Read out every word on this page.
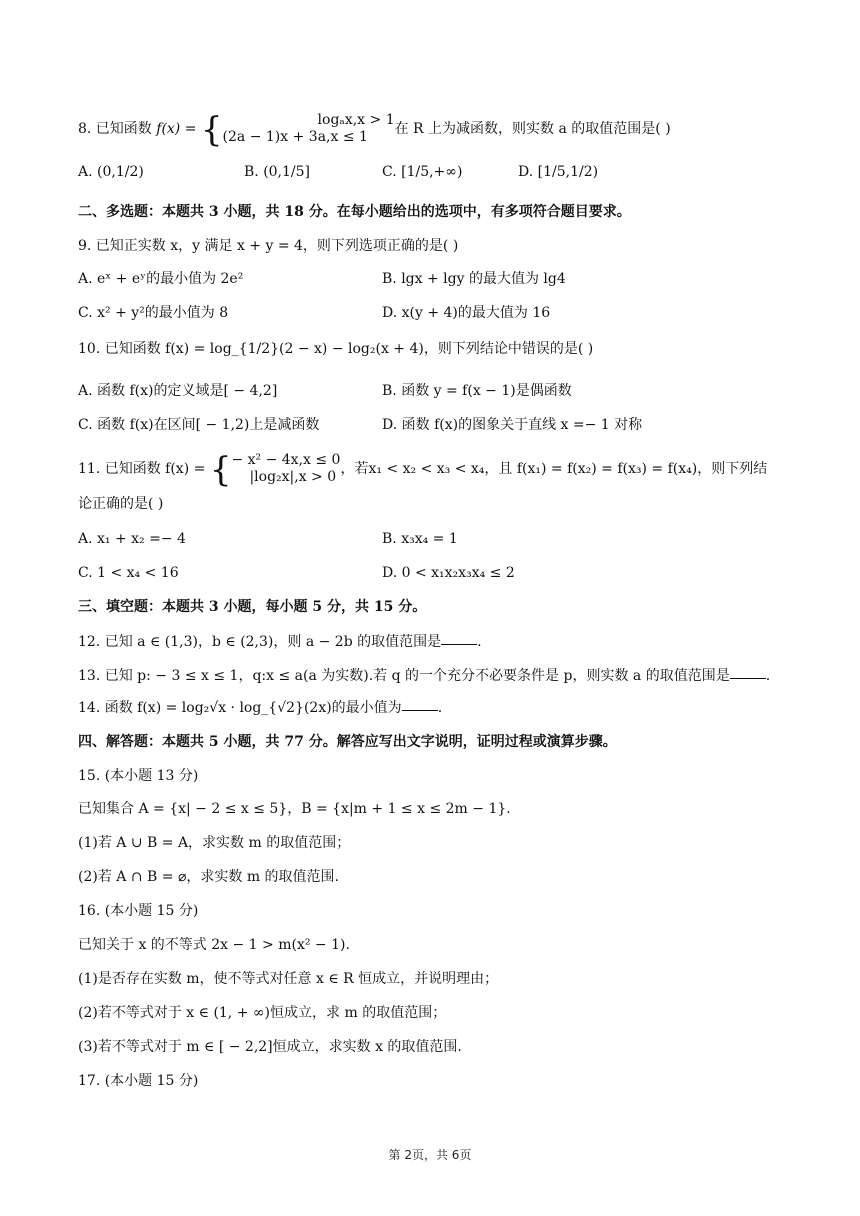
8. 已知函数 f(x) = {	logₐx,x > 1
(2a − 1)x + 3a,x ≤ 1	在 R 上为减函数，则实数 a 的取值范围是( )
A. (0,1/2)	B. (0,1/5]	C. [1/5,+∞)	D. [1/5,1/2)
二、多选题：本题共 3 小题，共 18 分。在每小题给出的选项中，有多项符合题目要求。
9. 已知正实数 x，y 满足 x + y = 4，则下列选项正确的是( )
A. eˣ + eʸ的最小值为 2e²	B. lgx + lgy 的最大值为 lg4
C. x² + y²的最小值为 8	D. x(y + 4)的最大值为 16
10. 已知函数 f(x) = log_{1/2}(2 − x) − log₂(x + 4)，则下列结论中错误的是( )
A. 函数 f(x)的定义域是[ − 4,2]	B. 函数 y = f(x − 1)是偶函数
C. 函数 f(x)在区间[ − 1,2)上是减函数	D. 函数 f(x)的图象关于直线 x =− 1 对称
11. 已知函数 f(x) = { − x² − 4x,x ≤ 0
|log₂x|,x > 0 ，若x₁ < x₂ < x₃ < x₄，且 f(x₁) = f(x₂) = f(x₃) = f(x₄)，则下列结
论正确的是( )
A. x₁ + x₂ =− 4	B. x₃x₄ = 1
C. 1 < x₄ < 16	D. 0 < x₁x₂x₃x₄ ≤ 2
三、填空题：本题共 3 小题，每小题 5 分，共 15 分。
12. 已知 a ∈ (1,3)，b ∈ (2,3)，则 a − 2b 的取值范围是	.
13. 已知 p: − 3 ≤ x ≤ 1，q:x ≤ a(a 为实数).若 q 的一个充分不必要条件是 p，则实数 a 的取值范围是	.
14. 函数 f(x) = log₂√x · log_{√2}(2x)的最小值为	.
四、解答题：本题共 5 小题，共 77 分。解答应写出文字说明，证明过程或演算步骤。
15. (本小题 13 分)
已知集合 A = {x| − 2 ≤ x ≤ 5}，B = {x|m + 1 ≤ x ≤ 2m − 1}.
(1)若 A ∪ B = A，求实数 m 的取值范围；
(2)若 A ∩ B = ⌀，求实数 m 的取值范围.
16. (本小题 15 分)
已知关于 x 的不等式 2x − 1 > m(x² − 1).
(1)是否存在实数 m，使不等式对任意 x ∈ R 恒成立，并说明理由；
(2)若不等式对于 x ∈ (1, + ∞)恒成立，求 m 的取值范围；
(3)若不等式对于 m ∈ [ − 2,2]恒成立，求实数 x 的取值范围.
17. (本小题 15 分)
第 2页，共 6页
